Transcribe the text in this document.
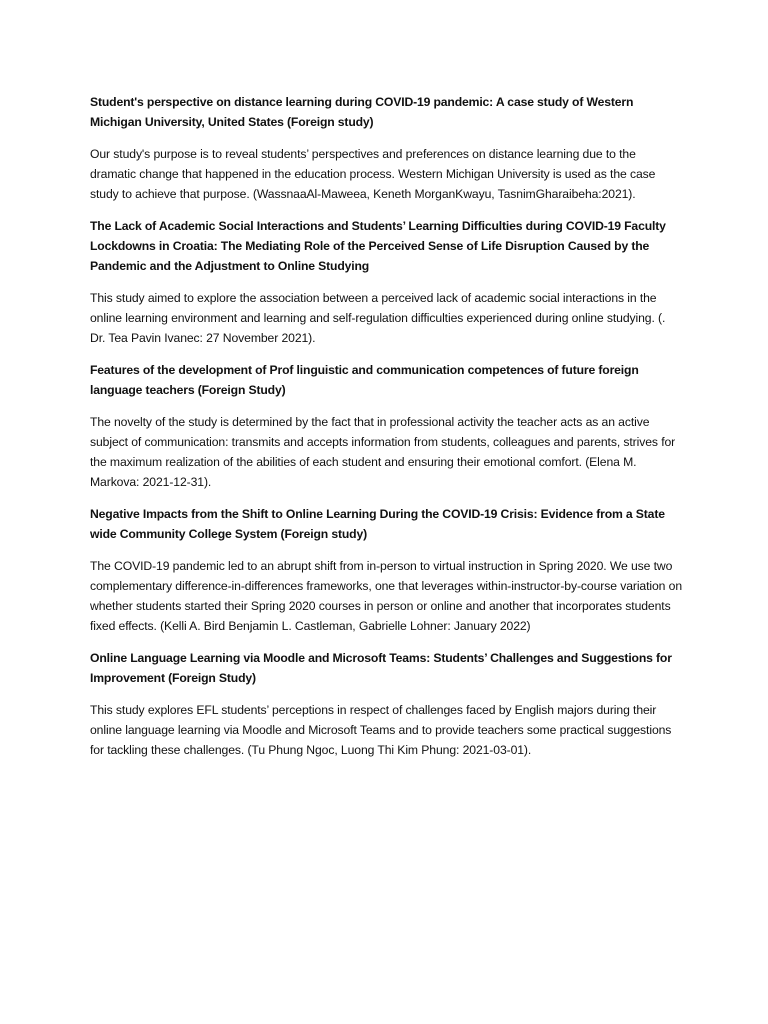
Student's perspective on distance learning during COVID-19 pandemic: A case study of Western Michigan University, United States (Foreign study)

Our study's purpose is to reveal students’ perspectives and preferences on distance learning due to the dramatic change that happened in the education process. Western Michigan University is used as the case study to achieve that purpose. (WassnaaAl-Maweea, Keneth MorganKwayu, TasnimGharaibeha:2021).

The Lack of Academic Social Interactions and Students’ Learning Difficulties during COVID-19 Faculty Lockdowns in Croatia: The Mediating Role of the Perceived Sense of Life Disruption Caused by the Pandemic and the Adjustment to Online Studying

This study aimed to explore the association between a perceived lack of academic social interactions in the online learning environment and learning and self-regulation difficulties experienced during online studying. (. Dr. Tea Pavin Ivanec: 27 November 2021).

Features of the development of Prof linguistic and communication competences of future foreign language teachers (Foreign Study)

The novelty of the study is determined by the fact that in professional activity the teacher acts as an active subject of communication: transmits and accepts information from students, colleagues and parents, strives for the maximum realization of the abilities of each student and ensuring their emotional comfort. (Elena M. Markova: 2021-12-31).

Negative Impacts from the Shift to Online Learning During the COVID-19 Crisis: Evidence from a State wide Community College System (Foreign study)

The COVID-19 pandemic led to an abrupt shift from in-person to virtual instruction in Spring 2020. We use two complementary difference-in-differences frameworks, one that leverages within-instructor-by-course variation on whether students started their Spring 2020 courses in person or online and another that incorporates students fixed effects. (Kelli A. Bird Benjamin L. Castleman, Gabrielle Lohner: January 2022)

Online Language Learning via Moodle and Microsoft Teams: Students’ Challenges and Suggestions for Improvement (Foreign Study)

This study explores EFL students’ perceptions in respect of challenges faced by English majors during their online language learning via Moodle and Microsoft Teams and to provide teachers some practical suggestions for tackling these challenges. (Tu Phung Ngoc, Luong Thi Kim Phung: 2021-03-01).
